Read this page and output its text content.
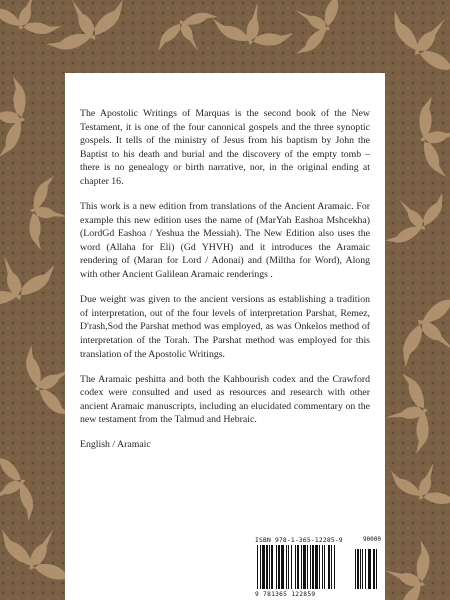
The Apostolic Writings of Marquas is the second book of the New Testament, it is one of the four canonical gospels and the three synoptic gospels. It tells of the ministry of Jesus from his baptism by John the Baptist to his death and burial and the discovery of the empty tomb – there is no genealogy or birth narrative, nor, in the original ending at chapter 16.

This work is a new edition from translations of the Ancient Aramaic. For example this new edition uses the name of (MarYah Eashoa Mshcekha)(LordGd Eashoa / Yeshua the Messiah). The New Edition also uses the word (Allaha for Eli) (Gd YHVH) and it introduces the Aramaic rendering of (Maran for Lord / Adonai) and (Miltha for Word), Along with other Ancient Galilean Aramaic renderings .

Due weight was given to the ancient versions as establishing a tradition of interpretation, out of the four levels of interpretation Parshat, Remez, D'rash,Sod the Parshat method was employed, as was Onkelos method of interpretation of the Torah. The Parshat method was employed for this translation of the Apostolic Writings.

The Aramaic peshitta and both the Kahbourish codex and the Crawford codex were consulted and used as resources and research with other ancient Aramaic manuscripts, including an elucidated commentary on the new testament from the Talmud and Hebraic.

English / Aramaic

ISBN 978-1-365-12285-9	90000
9 781365 122859
